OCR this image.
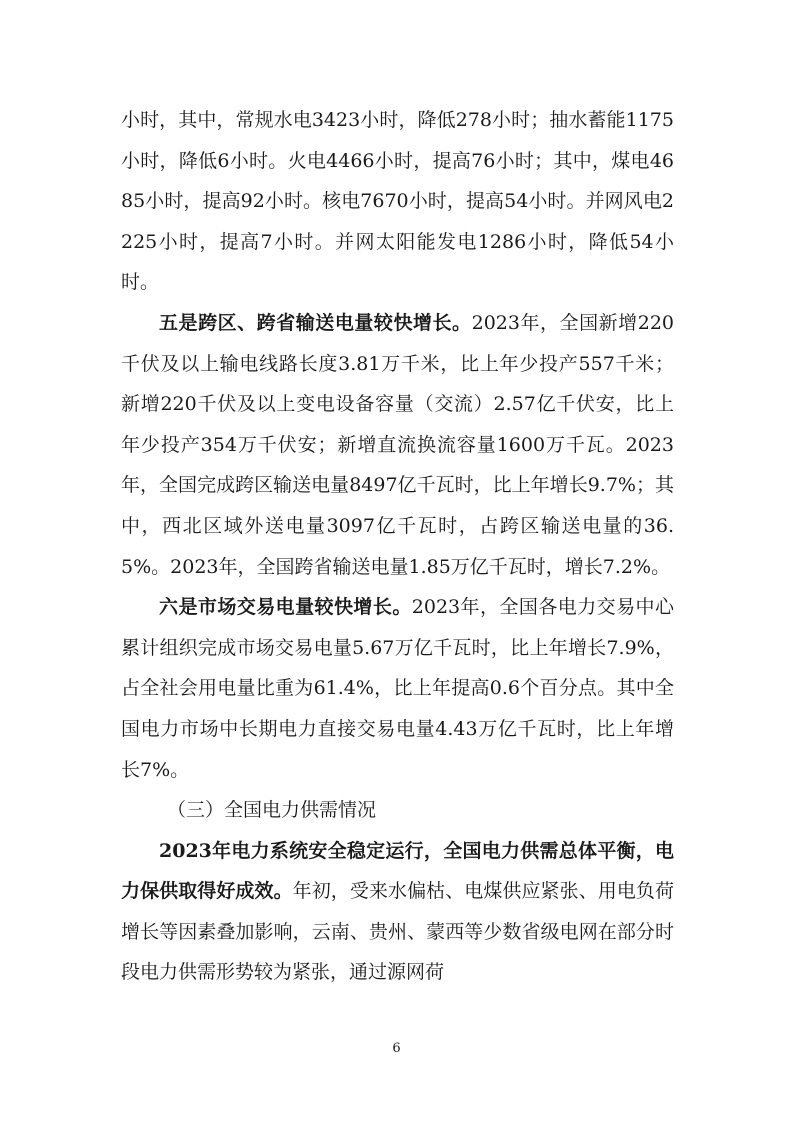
小时，其中，常规水电3423小时，降低278小时；抽水蓄能1175小时，降低6小时。火电4466小时，提高76小时；其中，煤电4685小时，提高92小时。核电7670小时，提高54小时。并网风电2225小时，提高7小时。并网太阳能发电1286小时，降低54小时。

五是跨区、跨省输送电量较快增长。2023年，全国新增220千伏及以上输电线路长度3.81万千米，比上年少投产557千米；新增220千伏及以上变电设备容量（交流）2.57亿千伏安，比上年少投产354万千伏安；新增直流换流容量1600万千瓦。2023年，全国完成跨区输送电量8497亿千瓦时，比上年增长9.7%；其中，西北区域外送电量3097亿千瓦时，占跨区输送电量的36.5%。2023年，全国跨省输送电量1.85万亿千瓦时，增长7.2%。

六是市场交易电量较快增长。2023年，全国各电力交易中心累计组织完成市场交易电量5.67万亿千瓦时，比上年增长7.9%，占全社会用电量比重为61.4%，比上年提高0.6个百分点。其中全国电力市场中长期电力直接交易电量4.43万亿千瓦时，比上年增长7%。

（三）全国电力供需情况

2023年电力系统安全稳定运行，全国电力供需总体平衡，电力保供取得好成效。年初，受来水偏枯、电煤供应紧张、用电负荷增长等因素叠加影响，云南、贵州、蒙西等少数省级电网在部分时段电力供需形势较为紧张，通过源网荷

6
